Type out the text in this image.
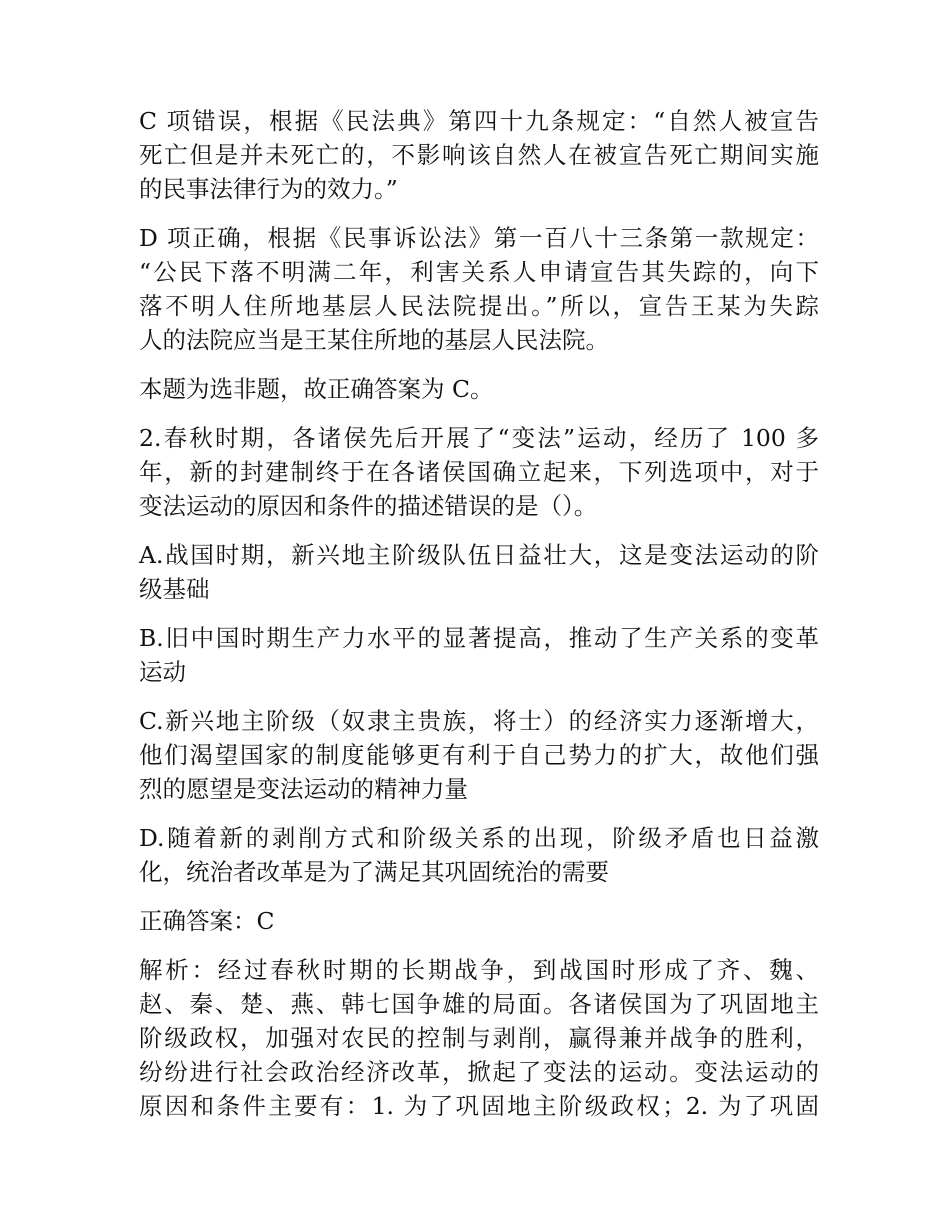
C 项错误，根据《民法典》第四十九条规定：“自然人被宣告
死亡但是并未死亡的，不影响该自然人在被宣告死亡期间实施
的民事法律行为的效力。”

D 项正确，根据《民事诉讼法》第一百八十三条第一款规定：
“公民下落不明满二年，利害关系人申请宣告其失踪的，向下
落不明人住所地基层人民法院提出。”所以，宣告王某为失踪
人的法院应当是王某住所地的基层人民法院。

本题为选非题，故正确答案为 C。

2.春秋时期，各诸侯先后开展了“变法”运动，经历了 100 多
年，新的封建制终于在各诸侯国确立起来，下列选项中，对于
变法运动的原因和条件的描述错误的是（）。

A.战国时期，新兴地主阶级队伍日益壮大，这是变法运动的阶
级基础

B.旧中国时期生产力水平的显著提高，推动了生产关系的变革
运动

C.新兴地主阶级（奴隶主贵族，将士）的经济实力逐渐增大，
他们渴望国家的制度能够更有利于自己势力的扩大，故他们强
烈的愿望是变法运动的精神力量

D.随着新的剥削方式和阶级关系的出现，阶级矛盾也日益激
化，统治者改革是为了满足其巩固统治的需要

正确答案：C

解析：经过春秋时期的长期战争，到战国时形成了齐、魏、
赵、秦、楚、燕、韩七国争雄的局面。各诸侯国为了巩固地主
阶级政权，加强对农民的控制与剥削，赢得兼并战争的胜利，
纷纷进行社会政治经济改革，掀起了变法的运动。变法运动的
原因和条件主要有：1. 为了巩固地主阶级政权；2. 为了巩固
